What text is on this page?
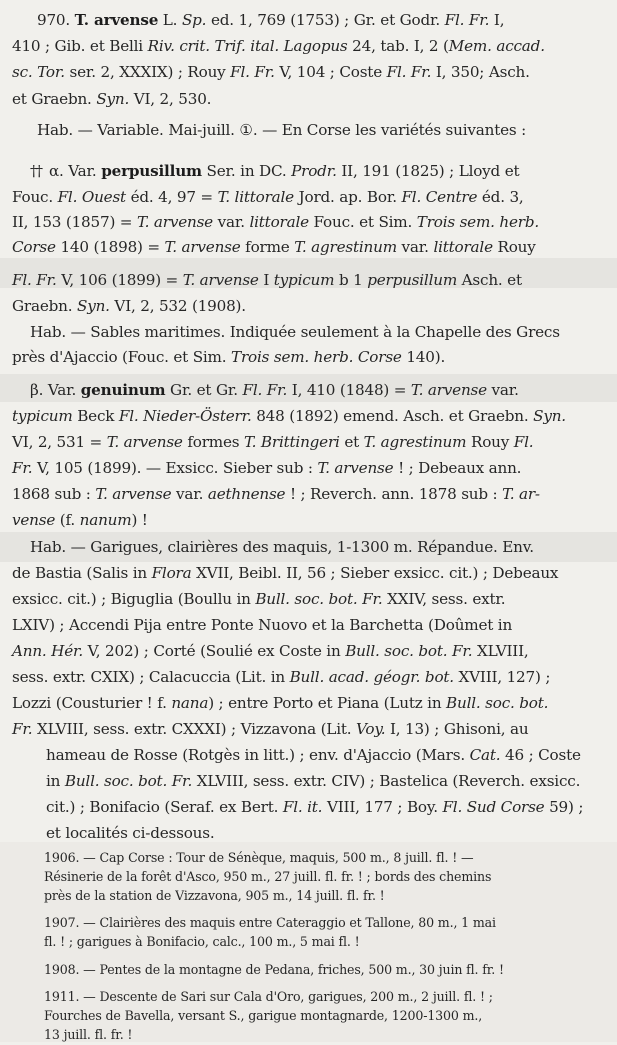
970. T. arvense L. Sp. ed. 1, 769 (1753) ; Gr. et Godr. Fl. Fr. I,
410 ; Gib. et Belli Riv. crit. Trif. ital. Lagopus 24, tab. I, 2 (Mem. accad.
sc. Tor. ser. 2, XXXIX) ; Rouy Fl. Fr. V, 104 ; Coste Fl. Fr. I, 350; Asch.
et Graebn. Syn. VI, 2, 530.
Hab. — Variable. Mai-juill. ①. — En Corse les variétés suivantes :
†† α. Var. perpusillum Ser. in DC. Prodr. II, 191 (1825) ; Lloyd et
Fouc. Fl. Ouest éd. 4, 97 = T. littorale Jord. ap. Bor. Fl. Centre éd. 3,
II, 153 (1857) = T. arvense var. littorale Fouc. et Sim. Trois sem. herb.
Corse 140 (1898) = T. arvense forme T. agrestinum var. littorale Rouy
Fl. Fr. V, 106 (1899) = T. arvense I typicum b 1 perpusillum Asch. et
Graebn. Syn. VI, 2, 532 (1908).
Hab. — Sables maritimes. Indiquée seulement à la Chapelle des Grecs
près d'Ajaccio (Fouc. et Sim. Trois sem. herb. Corse 140).
β. Var. genuinum Gr. et Gr. Fl. Fr. I, 410 (1848) = T. arvense var.
typicum Beck Fl. Nieder-Österr. 848 (1892) emend. Asch. et Graebn. Syn.
VI, 2, 531 = T. arvense formes T. Brittingeri et T. agrestinum Rouy Fl.
Fr. V, 105 (1899). — Exsicc. Sieber sub : T. arvense ! ; Debeaux ann.
1868 sub : T. arvense var. aethnense ! ; Reverch. ann. 1878 sub : T. ar-
vense (f. nanum) !
Hab. — Garigues, clairières des maquis, 1-1300 m. Répandue. Env.
de Bastia (Salis in Flora XVII, Beibl. II, 56 ; Sieber exsicc. cit.) ; Debeaux
exsicc. cit.) ; Biguglia (Boullu in Bull. soc. bot. Fr. XXIV, sess. extr.
LXIV) ; Accendi Pija entre Ponte Nuovo et la Barchetta (Doûmet in
Ann. Hér. V, 202) ; Corté (Soulié ex Coste in Bull. soc. bot. Fr. XLVIII,
sess. extr. CXIX) ; Calacuccia (Lit. in Bull. acad. géogr. bot. XVIII, 127) ;
Lozzi (Cousturier ! f. nana) ; entre Porto et Piana (Lutz in Bull. soc. bot.
Fr. XLVIII, sess. extr. CXXXI) ; Vizzavona (Lit. Voy. I, 13) ; Ghisoni, au
hameau de Rosse (Rotgès in litt.) ; env. d'Ajaccio (Mars. Cat. 46 ; Coste
in Bull. soc. bot. Fr. XLVIII, sess. extr. CIV) ; Bastelica (Reverch. exsicc.
cit.) ; Bonifacio (Seraf. ex Bert. Fl. it. VIII, 177 ; Boy. Fl. Sud Corse 59) ;
et localités ci-dessous.
1906. — Cap Corse : Tour de Sénèque, maquis, 500 m., 8 juill. fl. ! —
Résinerie de la forêt d'Asco, 950 m., 27 juill. fl. fr. ! ; bords des chemins
près de la station de Vizzavona, 905 m., 14 juill. fl. fr. !
1907. — Clairières des maquis entre Cateraggio et Tallone, 80 m., 1 mai
fl. ! ; garigues à Bonifacio, calc., 100 m., 5 mai fl. !
1908. — Pentes de la montagne de Pedana, friches, 500 m., 30 juin fl. fr. !
1911. — Descente de Sari sur Cala d'Oro, garigues, 200 m., 2 juill. fl. ! ;
Fourches de Bavella, versant S., garigue montagnarde, 1200-1300 m.,
13 juill. fl. fr. !
